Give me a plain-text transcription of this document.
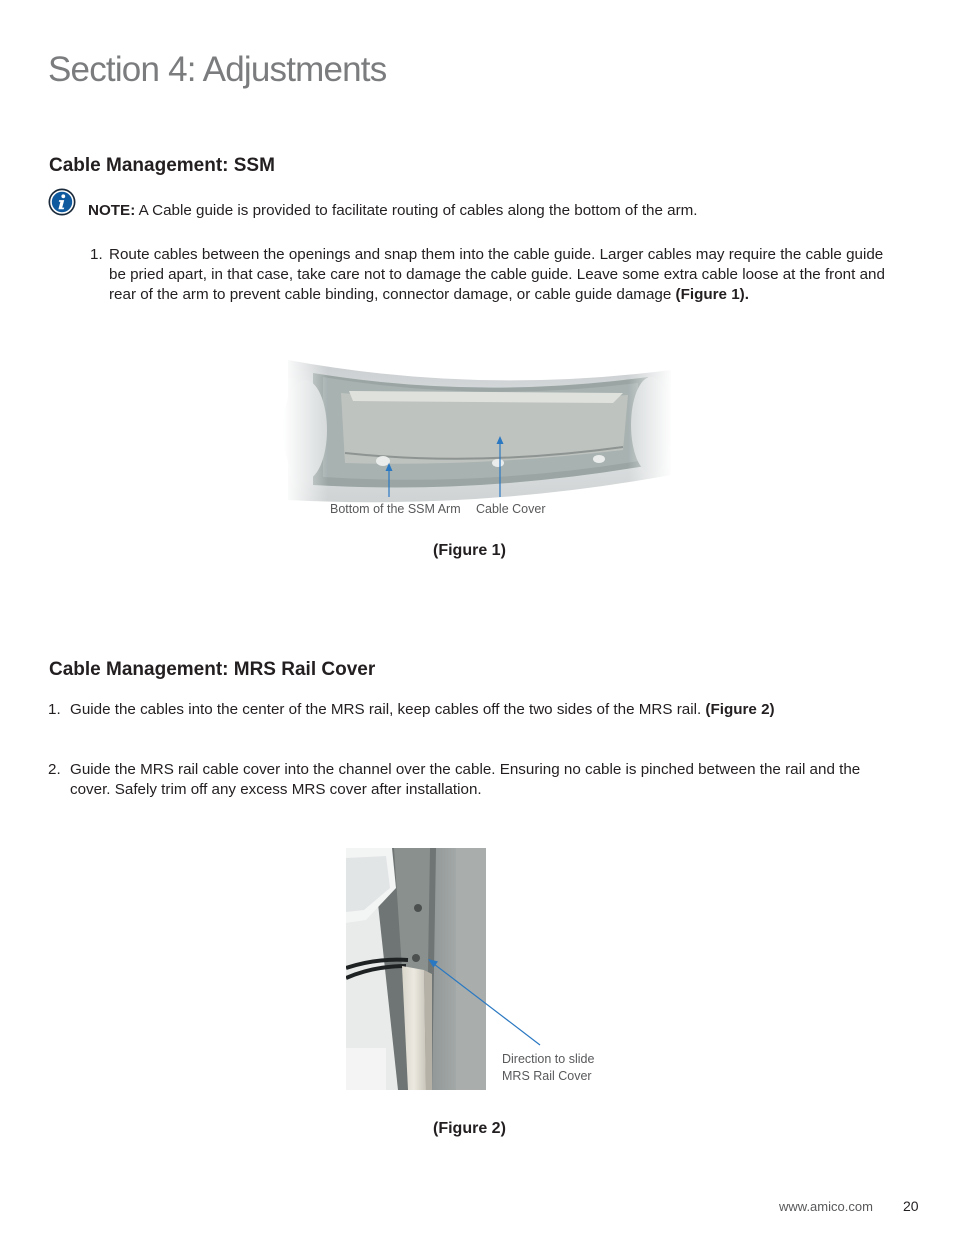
Section 4: Adjustments
Cable Management: SSM
NOTE: A Cable guide is provided to facilitate routing of cables along the bottom of the arm.
1. Route cables between the openings and snap them into the cable guide. Larger cables may require the cable guide be pried apart, in that case, take care not to damage the cable guide. Leave some extra cable loose at the front and rear of the arm to prevent cable binding, connector damage, or cable guide damage (Figure 1).
Bottom of the SSM Arm Cable Cover
(Figure 1)
Cable Management: MRS Rail Cover
1. Guide the cables into the center of the MRS rail, keep cables off the two sides of the MRS rail. (Figure 2)
2. Guide the MRS rail cable cover into the channel over the cable. Ensuring no cable is pinched between the rail and the cover. Safely trim off any excess MRS cover after installation.
Direction to slide
MRS Rail Cover
(Figure 2)
www.amico.com 20
